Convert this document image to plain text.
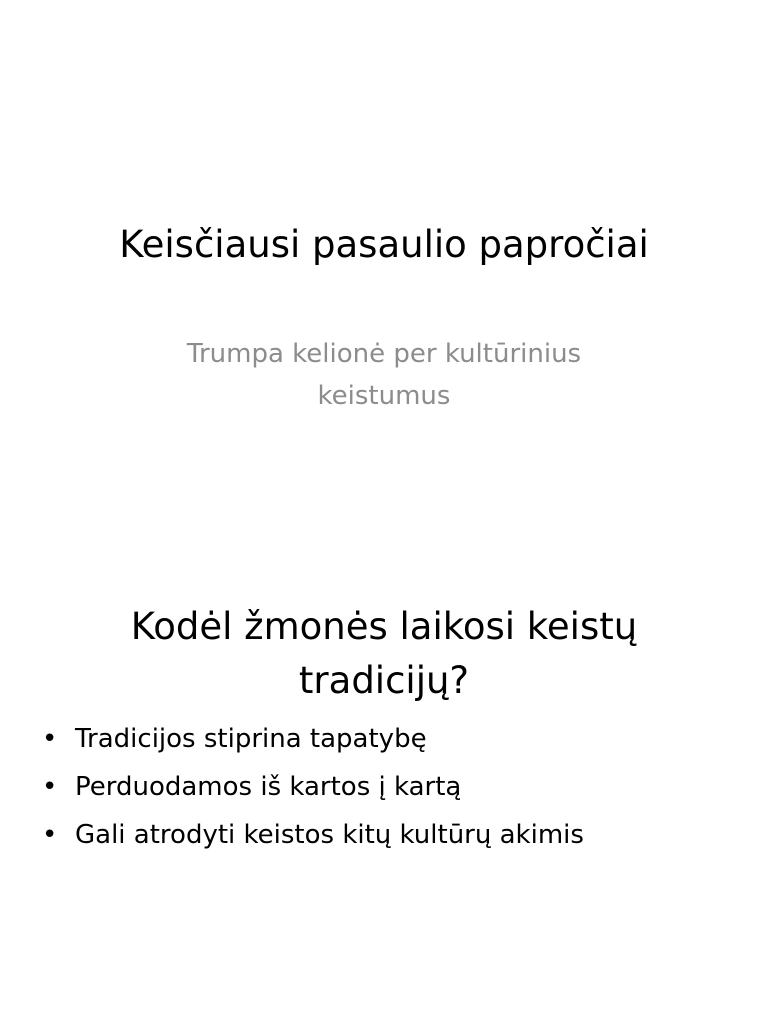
Keisčiausi pasaulio papročiai
Trumpa kelionė per kultūrinius
keistumus
Kodėl žmonės laikosi keistų
tradicijų?
• Tradicijos stiprina tapatybę
• Perduodamos iš kartos į kartą
• Gali atrodyti keistos kitų kultūrų akimis
